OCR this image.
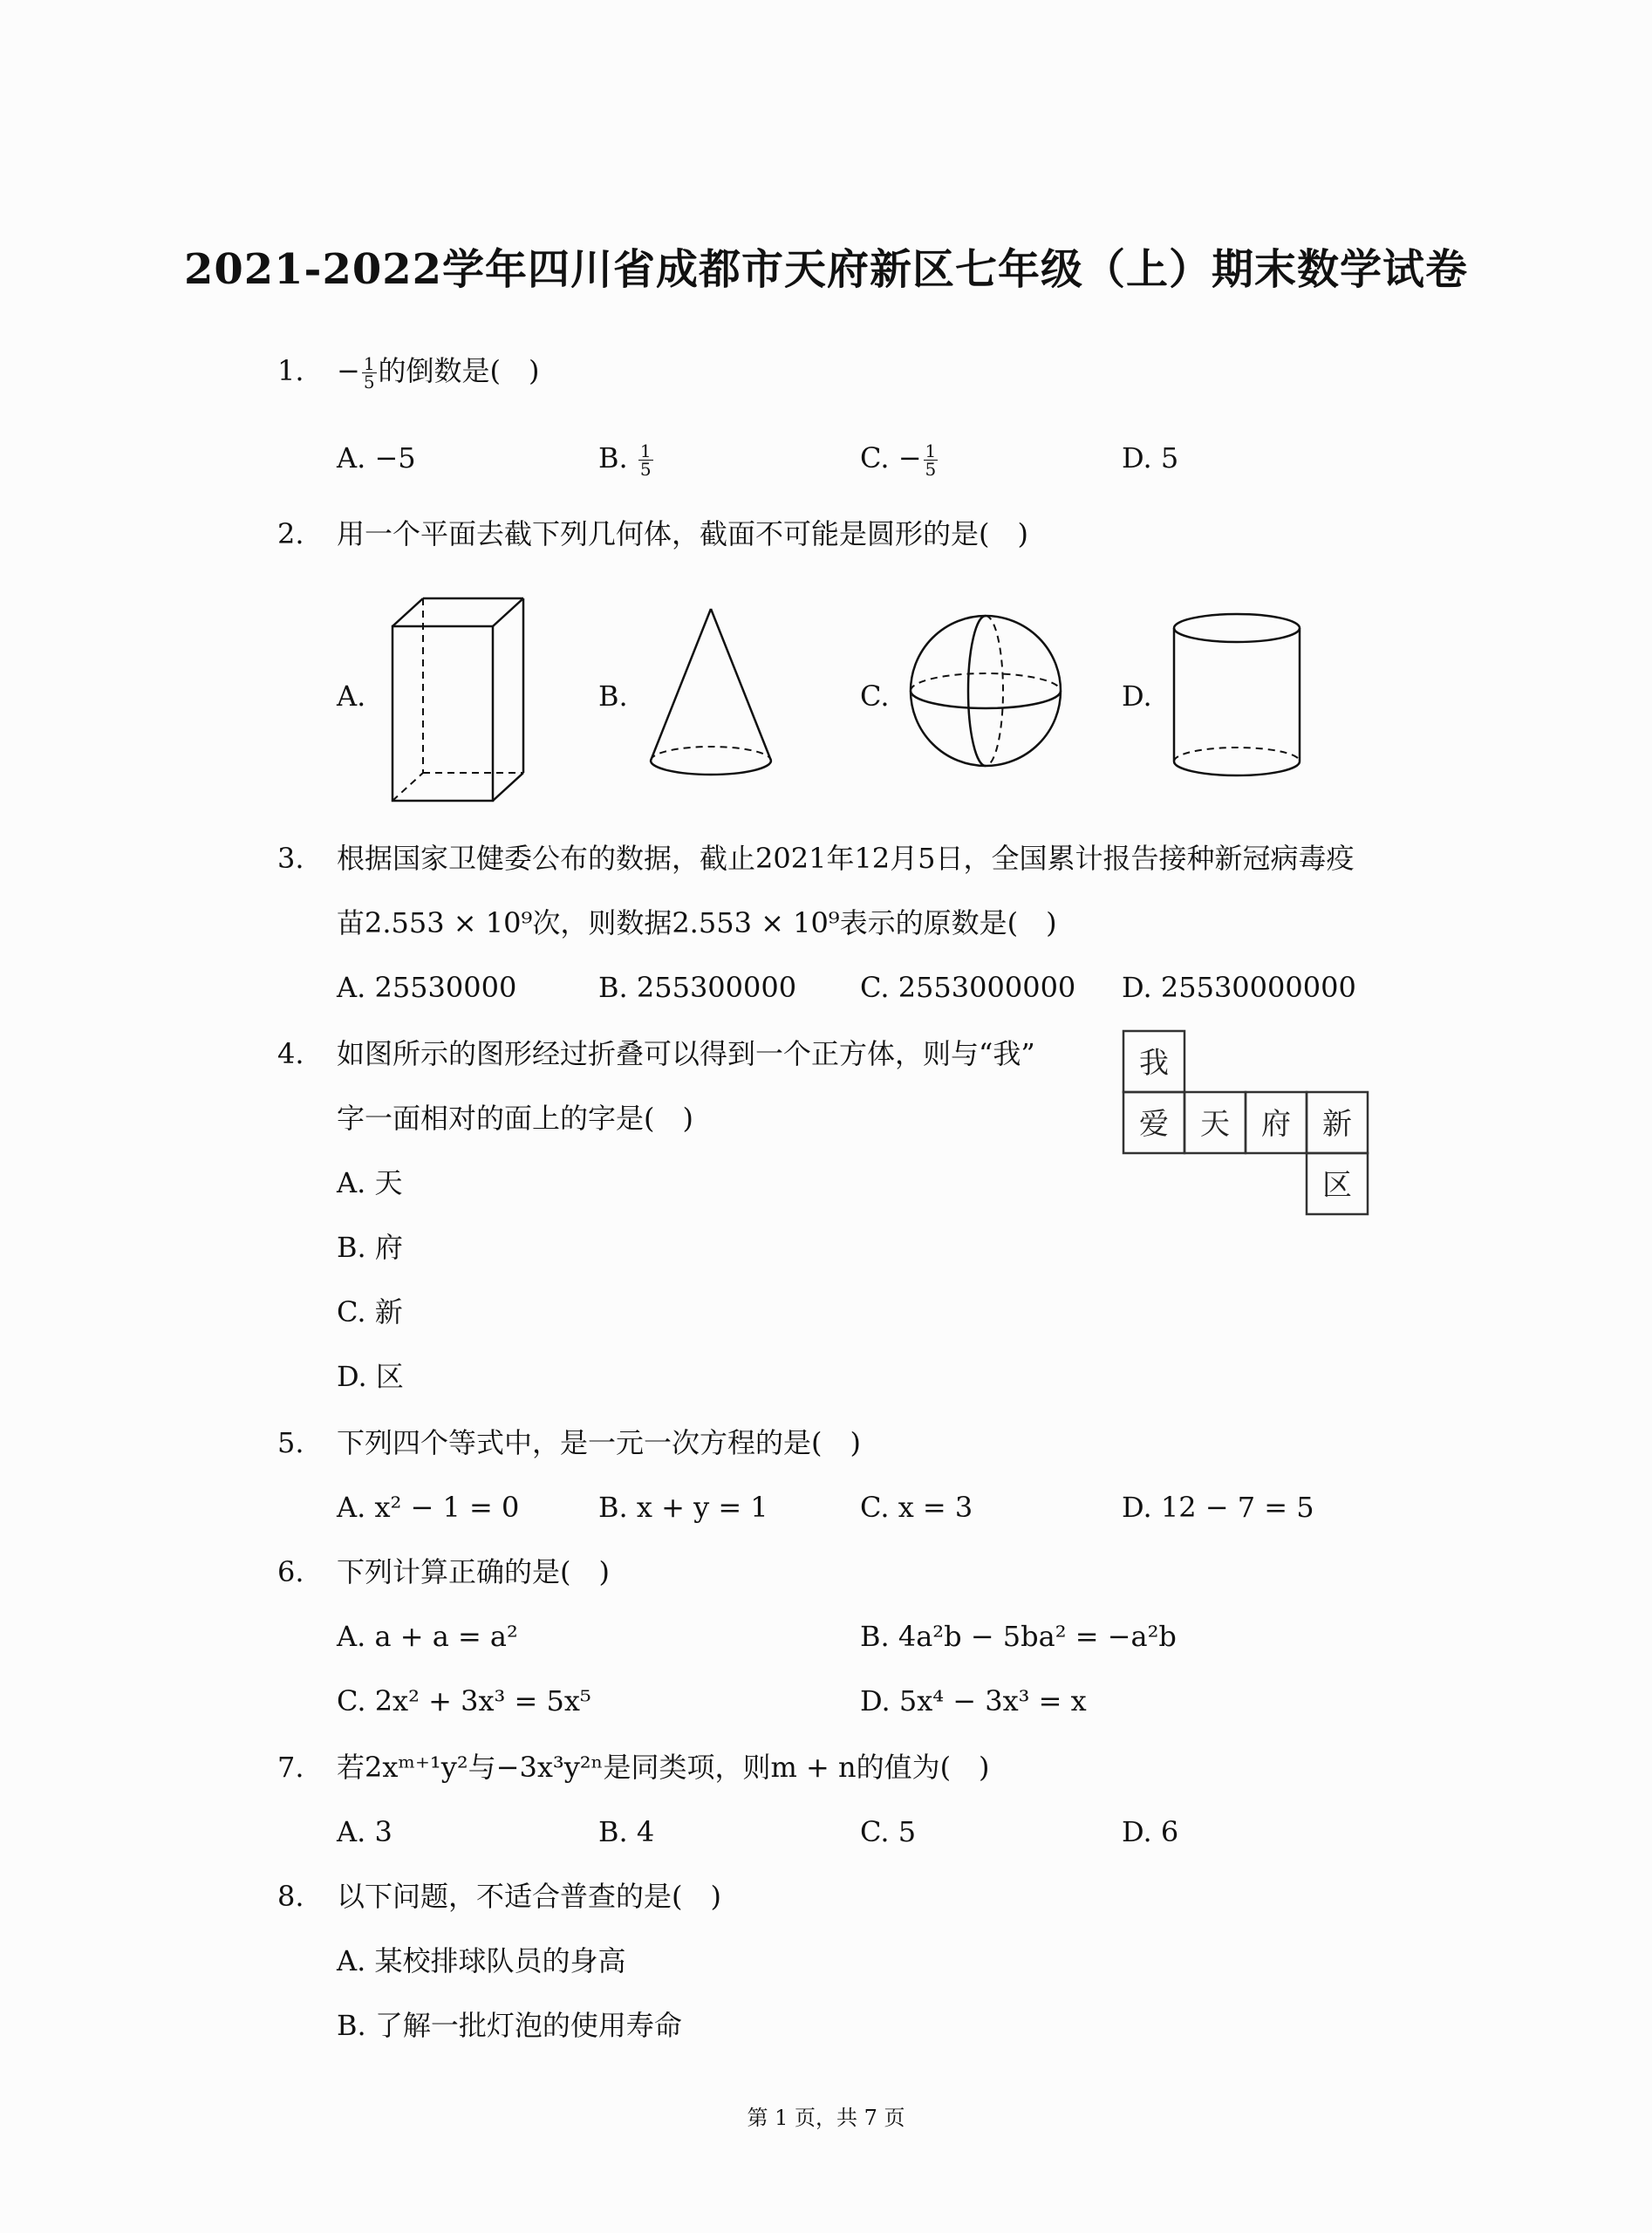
2021-2022学年四川省成都市天府新区七年级（上）期末数学试卷
1.	− $\frac{1}{5}$ 的倒数是(　)
A. −5	B. $\frac{1}{5}$	C. − $\frac{1}{5}$	D. 5
2.	用一个平面去截下列几何体，截面不可能是圆形的是(　)
A.	B.	C.	D.
3.	根据国家卫健委公布的数据，截止2021年12月5日，全国累计报告接种新冠病毒疫
苗2.553 × 10⁹次，则数据2.553 × 10⁹表示的原数是(　)
A. 25530000	B. 255300000 C. 2553000000 D. 25530000000
4.	如图所示的图形经过折叠可以得到一个正方体，则与“我”
字一面相对的面上的字是(　)
A. 天
B. 府
C. 新
D. 区
我
爱 天 府 新
区
5.	下列四个等式中，是一元一次方程的是(　)
A. x² − 1 = 0	B. x + y = 1	C. x = 3	D. 12 − 7 = 5
6.	下列计算正确的是(　)
A. a + a = a²	B. 4a²b − 5ba² = −a²b
C. 2x² + 3x³ = 5x⁵	D. 5x⁴ − 3x³ = x
7.	若2xᵐ⁺¹y²与−3x³y²ⁿ是同类项，则m + n的值为(　)
A. 3	B. 4	C. 5	D. 6
8.	以下问题，不适合普查的是(　)
A. 某校排球队员的身高
B. 了解一批灯泡的使用寿命
第 1 页，共 7 页
